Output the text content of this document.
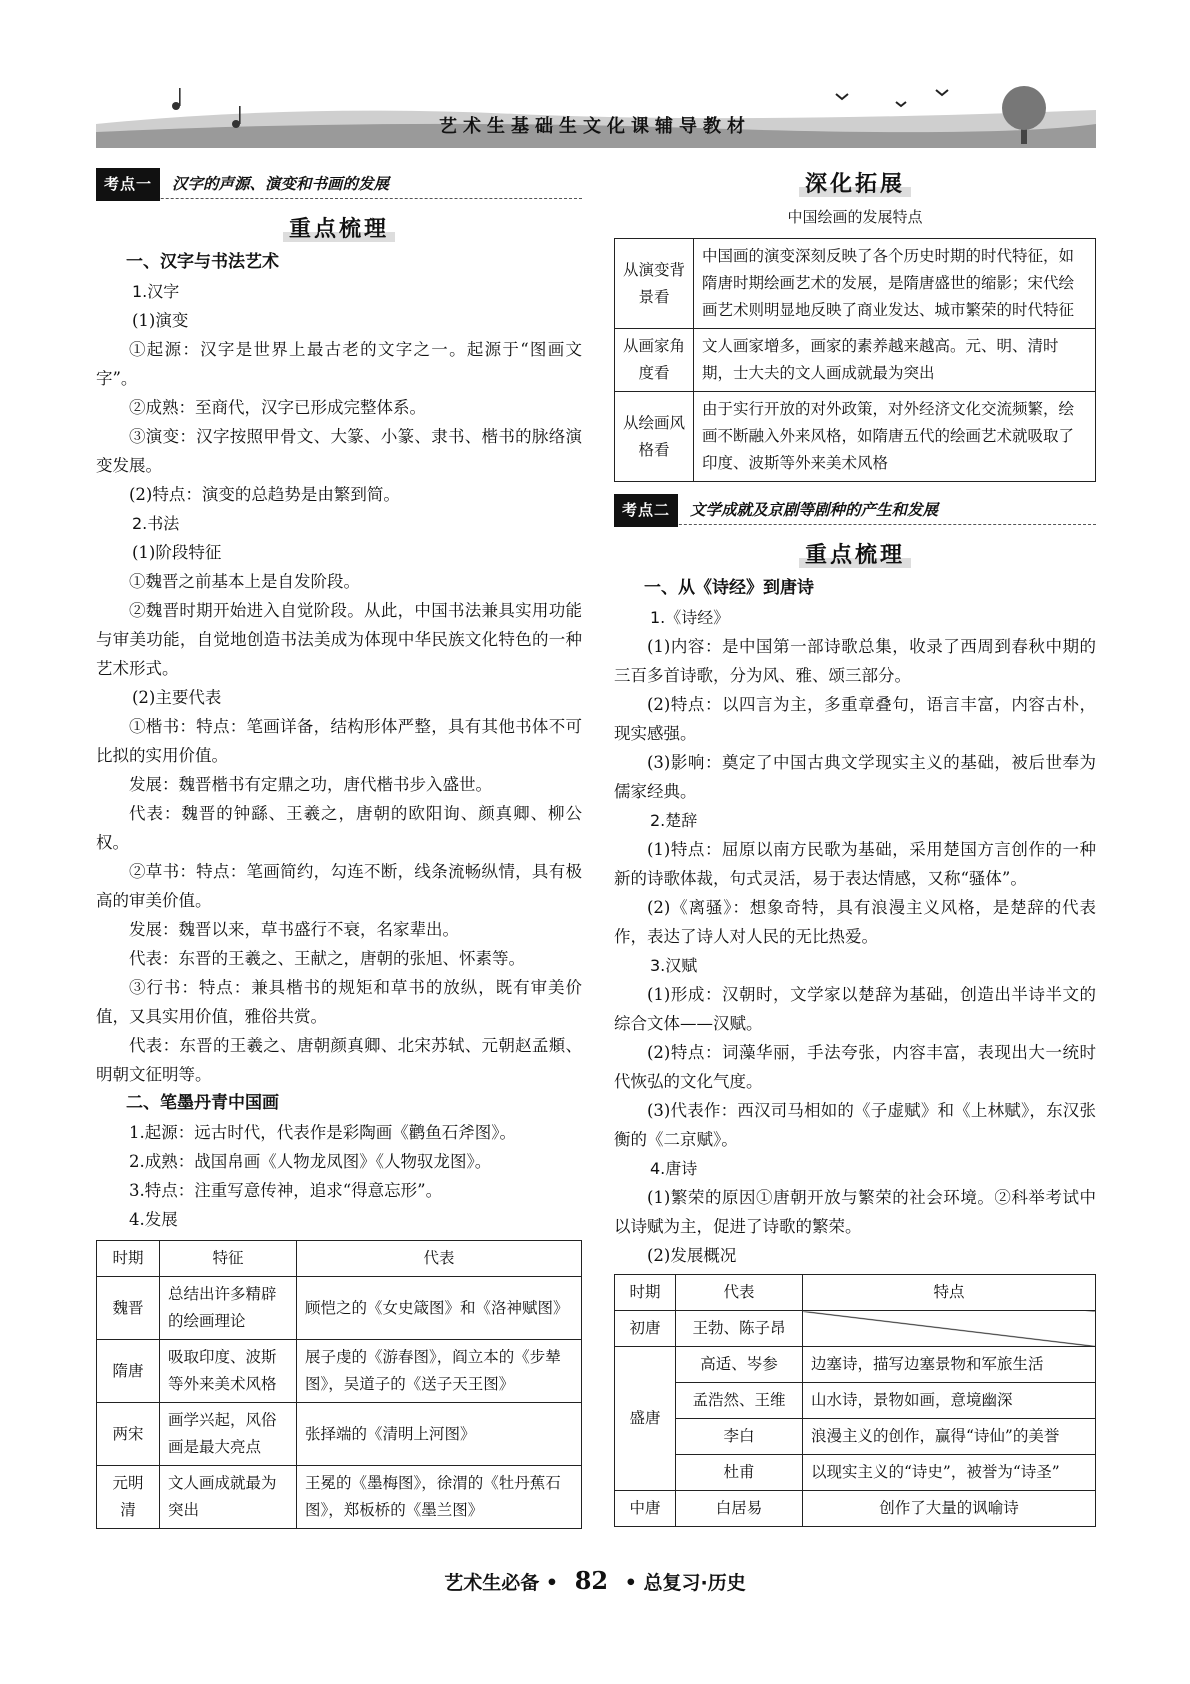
艺术生基础生文化课辅导教材
考点一	汉字的声源、演变和书画的发展
重点梳理
一、汉字与书法艺术
1.汉字

(1)演变

①起源：汉字是世界上最古老的文字之一。起源于“图画文字”。

②成熟：至商代，汉字已形成完整体系。

③演变：汉字按照甲骨文、大篆、小篆、隶书、楷书的脉络演变发展。

(2)特点：演变的总趋势是由繁到简。

2.书法

(1)阶段特征

①魏晋之前基本上是自发阶段。

②魏晋时期开始进入自觉阶段。从此，中国书法兼具实用功能与审美功能，自觉地创造书法美成为体现中华民族文化特色的一种艺术形式。

(2)主要代表

①楷书：特点：笔画详备，结构形体严整，具有其他书体不可比拟的实用价值。

发展：魏晋楷书有定鼎之功，唐代楷书步入盛世。

代表：魏晋的钟繇、王羲之，唐朝的欧阳询、颜真卿、柳公权。

②草书：特点：笔画简约，勾连不断，线条流畅纵情，具有极高的审美价值。

发展：魏晋以来，草书盛行不衰，名家辈出。

代表：东晋的王羲之、王献之，唐朝的张旭、怀素等。

③行书：特点：兼具楷书的规矩和草书的放纵，既有审美价值，又具实用价值，雅俗共赏。

代表：东晋的王羲之、唐朝颜真卿、北宋苏轼、元朝赵孟頫、明朝文征明等。

二、笔墨丹青中国画

1.起源：远古时代，代表作是彩陶画《鹳鱼石斧图》。

2.成熟：战国帛画《人物龙凤图》《人物驭龙图》。

3.特点：注重写意传神，追求“得意忘形”。

4.发展

时期	特征	代表
魏晋	总结出许多精辟的绘画理论	顾恺之的《女史箴图》和《洛神赋图》
隋唐	吸取印度、波斯等外来美术风格	展子虔的《游春图》，阎立本的《步辇图》，吴道子的《送子天王图》
两宋	画学兴起，风俗画是最大亮点	张择端的《清明上河图》
元明清	文人画成就最为突出	王冕的《墨梅图》，徐渭的《牡丹蕉石图》，郑板桥的《墨兰图》
深化拓展
中国绘画的发展特点
从演变背景看	中国画的演变深刻反映了各个历史时期的时代特征，如隋唐时期绘画艺术的发展，是隋唐盛世的缩影；宋代绘画艺术则明显地反映了商业发达、城市繁荣的时代特征
从画家角度看	文人画家增多，画家的素养越来越高。元、明、清时期，士大夫的文人画成就最为突出
从绘画风格看	由于实行开放的对外政策，对外经济文化交流频繁，绘画不断融入外来风格，如隋唐五代的绘画艺术就吸取了印度、波斯等外来美术风格
考点二	文学成就及京剧等剧种的产生和发展
重点梳理
一、从《诗经》到唐诗
1.《诗经》

(1)内容：是中国第一部诗歌总集，收录了西周到春秋中期的三百多首诗歌，分为风、雅、颂三部分。

(2)特点：以四言为主，多重章叠句，语言丰富，内容古朴，现实感强。

(3)影响：奠定了中国古典文学现实主义的基础，被后世奉为儒家经典。

2.楚辞

(1)特点：屈原以南方民歌为基础，采用楚国方言创作的一种新的诗歌体裁，句式灵活，易于表达情感，又称“骚体”。

(2)《离骚》：想象奇特，具有浪漫主义风格，是楚辞的代表作，表达了诗人对人民的无比热爱。

3.汉赋

(1)形成：汉朝时，文学家以楚辞为基础，创造出半诗半文的综合文体——汉赋。

(2)特点：词藻华丽，手法夸张，内容丰富，表现出大一统时代恢弘的文化气度。

(3)代表作：西汉司马相如的《子虚赋》和《上林赋》，东汉张衡的《二京赋》。

4.唐诗

(1)繁荣的原因①唐朝开放与繁荣的社会环境。②科举考试中以诗赋为主，促进了诗歌的繁荣。

(2)发展概况

时期	代表	特点
初唐	王勃、陈子昂	
盛唐	高适、岑参	边塞诗，描写边塞景物和军旅生活
	孟浩然、王维	山水诗，景物如画，意境幽深
	李白	浪漫主义的创作，赢得“诗仙”的美誉
	杜甫	以现实主义的“诗史”，被誉为“诗圣”
中唐	白居易	创作了大量的讽喻诗
艺术生必备 • 82 • 总复习·历史
